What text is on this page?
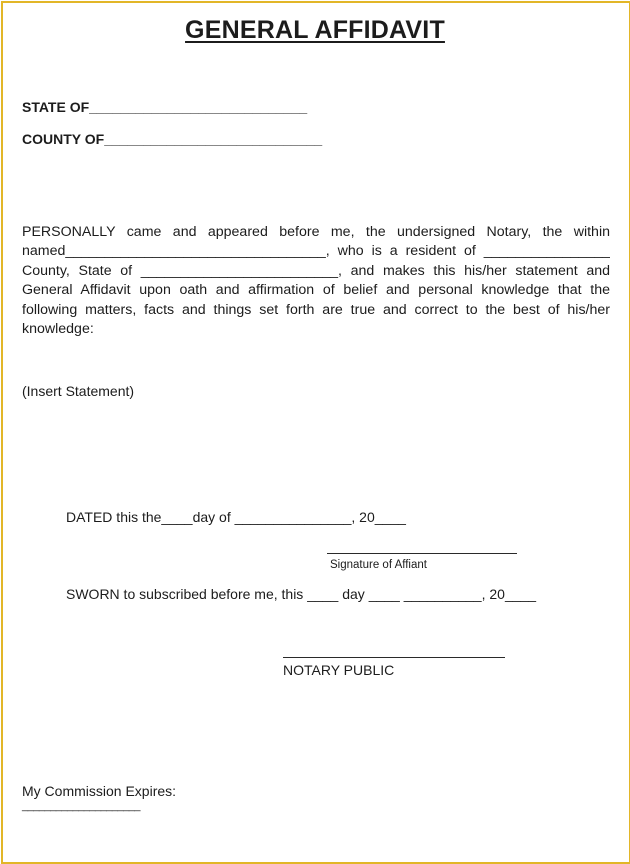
GENERAL AFFIDAVIT
STATE OF____________________________
COUNTY OF____________________________
PERSONALLY came and appeared before me, the undersigned Notary, the within
named_________________________________, who is a resident of ________________
County, State of _________________________, and makes this his/her statement and
General Affidavit upon oath and affirmation of belief and personal knowledge that the
following matters, facts and things set forth are true and correct to the best of his/her
knowledge:
(Insert Statement)
DATED this the____day of _______________, 20____
Signature of Affiant
SWORN to subscribed before me, this ____ day ____ __________, 20____
NOTARY PUBLIC
My Commission Expires:
_____________________
